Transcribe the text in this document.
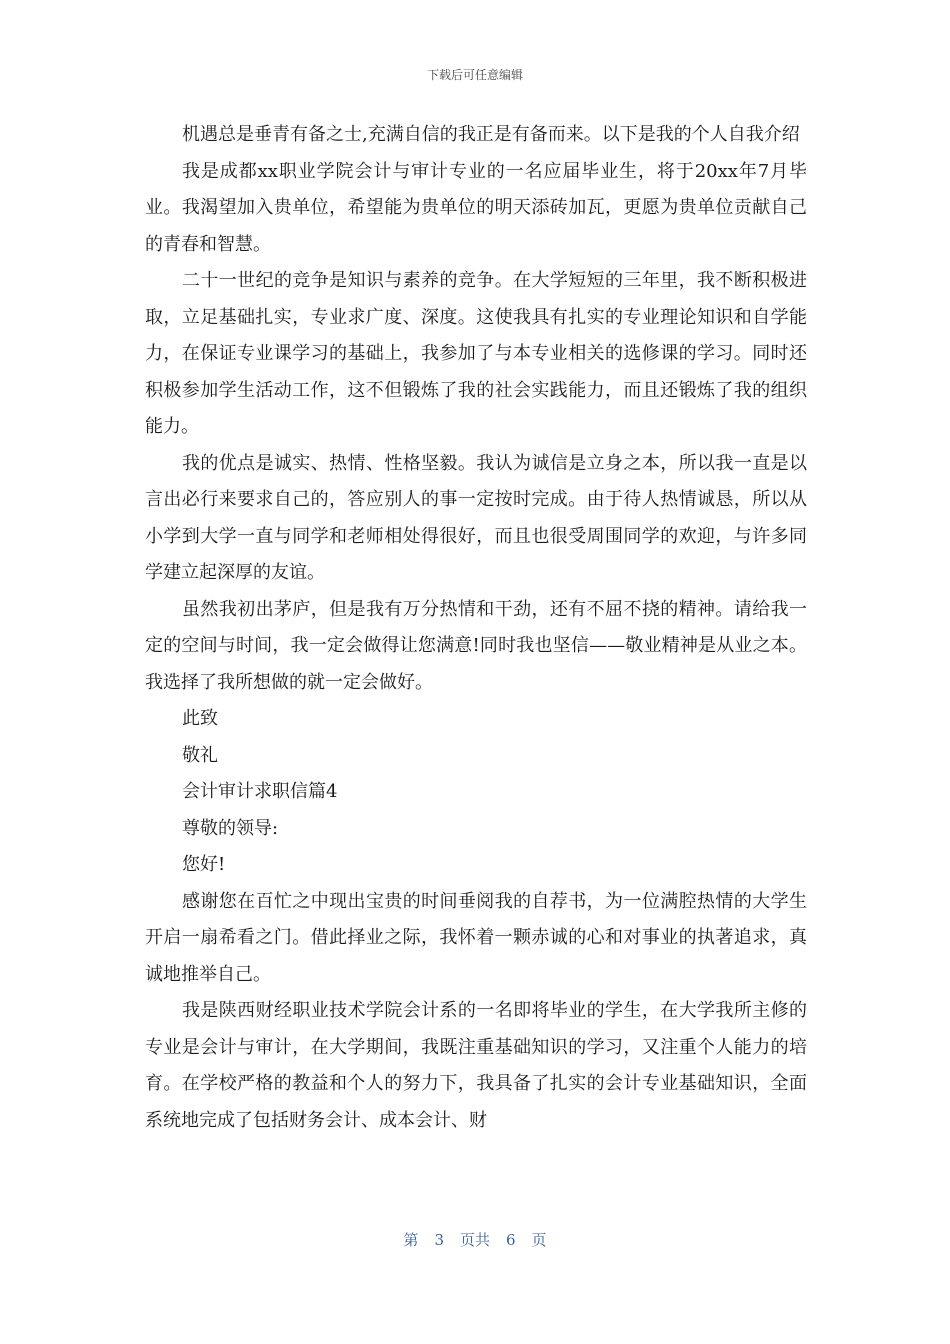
下载后可任意编辑

机遇总是垂青有备之士,充满自信的我正是有备而来。以下是我的个人自我介绍

我是成都xx职业学院会计与审计专业的一名应届毕业生，将于20xx年7月毕业。我渴望加入贵单位，希望能为贵单位的明天添砖加瓦，更愿为贵单位贡献自己的青春和智慧。

二十一世纪的竞争是知识与素养的竞争。在大学短短的三年里，我不断积极进取，立足基础扎实，专业求广度、深度。这使我具有扎实的专业理论知识和自学能力，在保证专业课学习的基础上，我参加了与本专业相关的选修课的学习。同时还积极参加学生活动工作，这不但锻炼了我的社会实践能力，而且还锻炼了我的组织能力。

我的优点是诚实、热情、性格坚毅。我认为诚信是立身之本，所以我一直是以言出必行来要求自己的，答应别人的事一定按时完成。由于待人热情诚恳，所以从小学到大学一直与同学和老师相处得很好，而且也很受周围同学的欢迎，与许多同学建立起深厚的友谊。

虽然我初出茅庐，但是我有万分热情和干劲，还有不屈不挠的精神。请给我一定的空间与时间，我一定会做得让您满意!同时我也坚信——敬业精神是从业之本。我选择了我所想做的就一定会做好。

此致

敬礼

会计审计求职信篇4

尊敬的领导:

您好!

感谢您在百忙之中现出宝贵的时间垂阅我的自荐书，为一位满腔热情的大学生开启一扇希看之门。借此择业之际，我怀着一颗赤诚的心和对事业的执著追求，真诚地推举自己。

我是陕西财经职业技术学院会计系的一名即将毕业的学生，在大学我所主修的专业是会计与审计，在大学期间，我既注重基础知识的学习，又注重个人能力的培育。在学校严格的教益和个人的努力下，我具备了扎实的会计专业基础知识，全面系统地完成了包括财务会计、成本会计、财

第 3 页共 6 页
